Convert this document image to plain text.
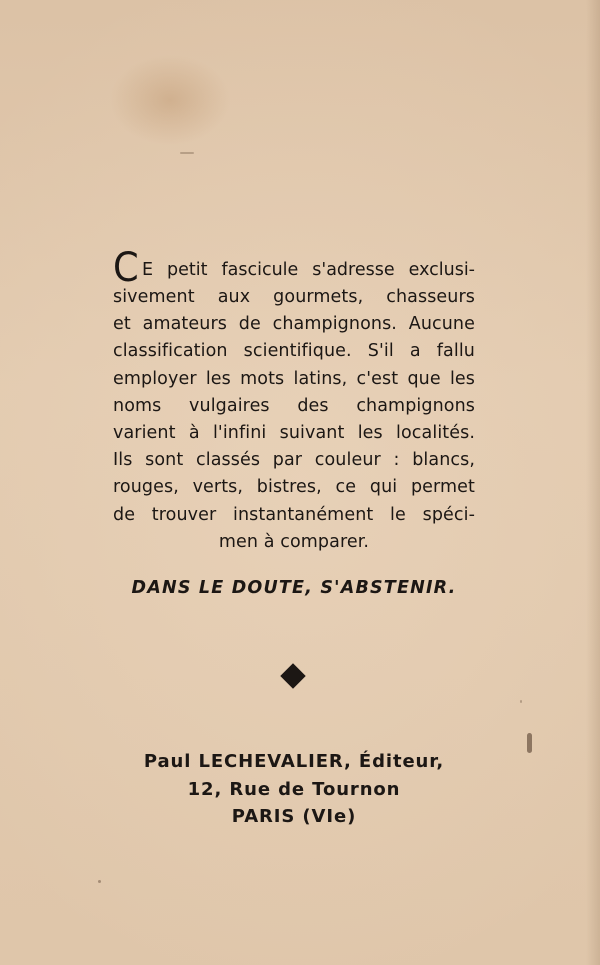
C E petit fascicule s'adresse exclusi-
sivement aux gourmets, chasseurs
et amateurs de champignons. Aucune
classification scientifique. S'il a fallu
employer les mots latins, c'est que les
noms vulgaires des champignons
varient à l'infini suivant les localités.
Ils sont classés par couleur : blancs,
rouges, verts, bistres, ce qui permet
de trouver instantanément le spéci-
men à comparer.
DANS LE DOUTE, S'ABSTENIR.
Paul LECHEVALIER, Éditeur,
12, Rue de Tournon
PARIS (VIe)
